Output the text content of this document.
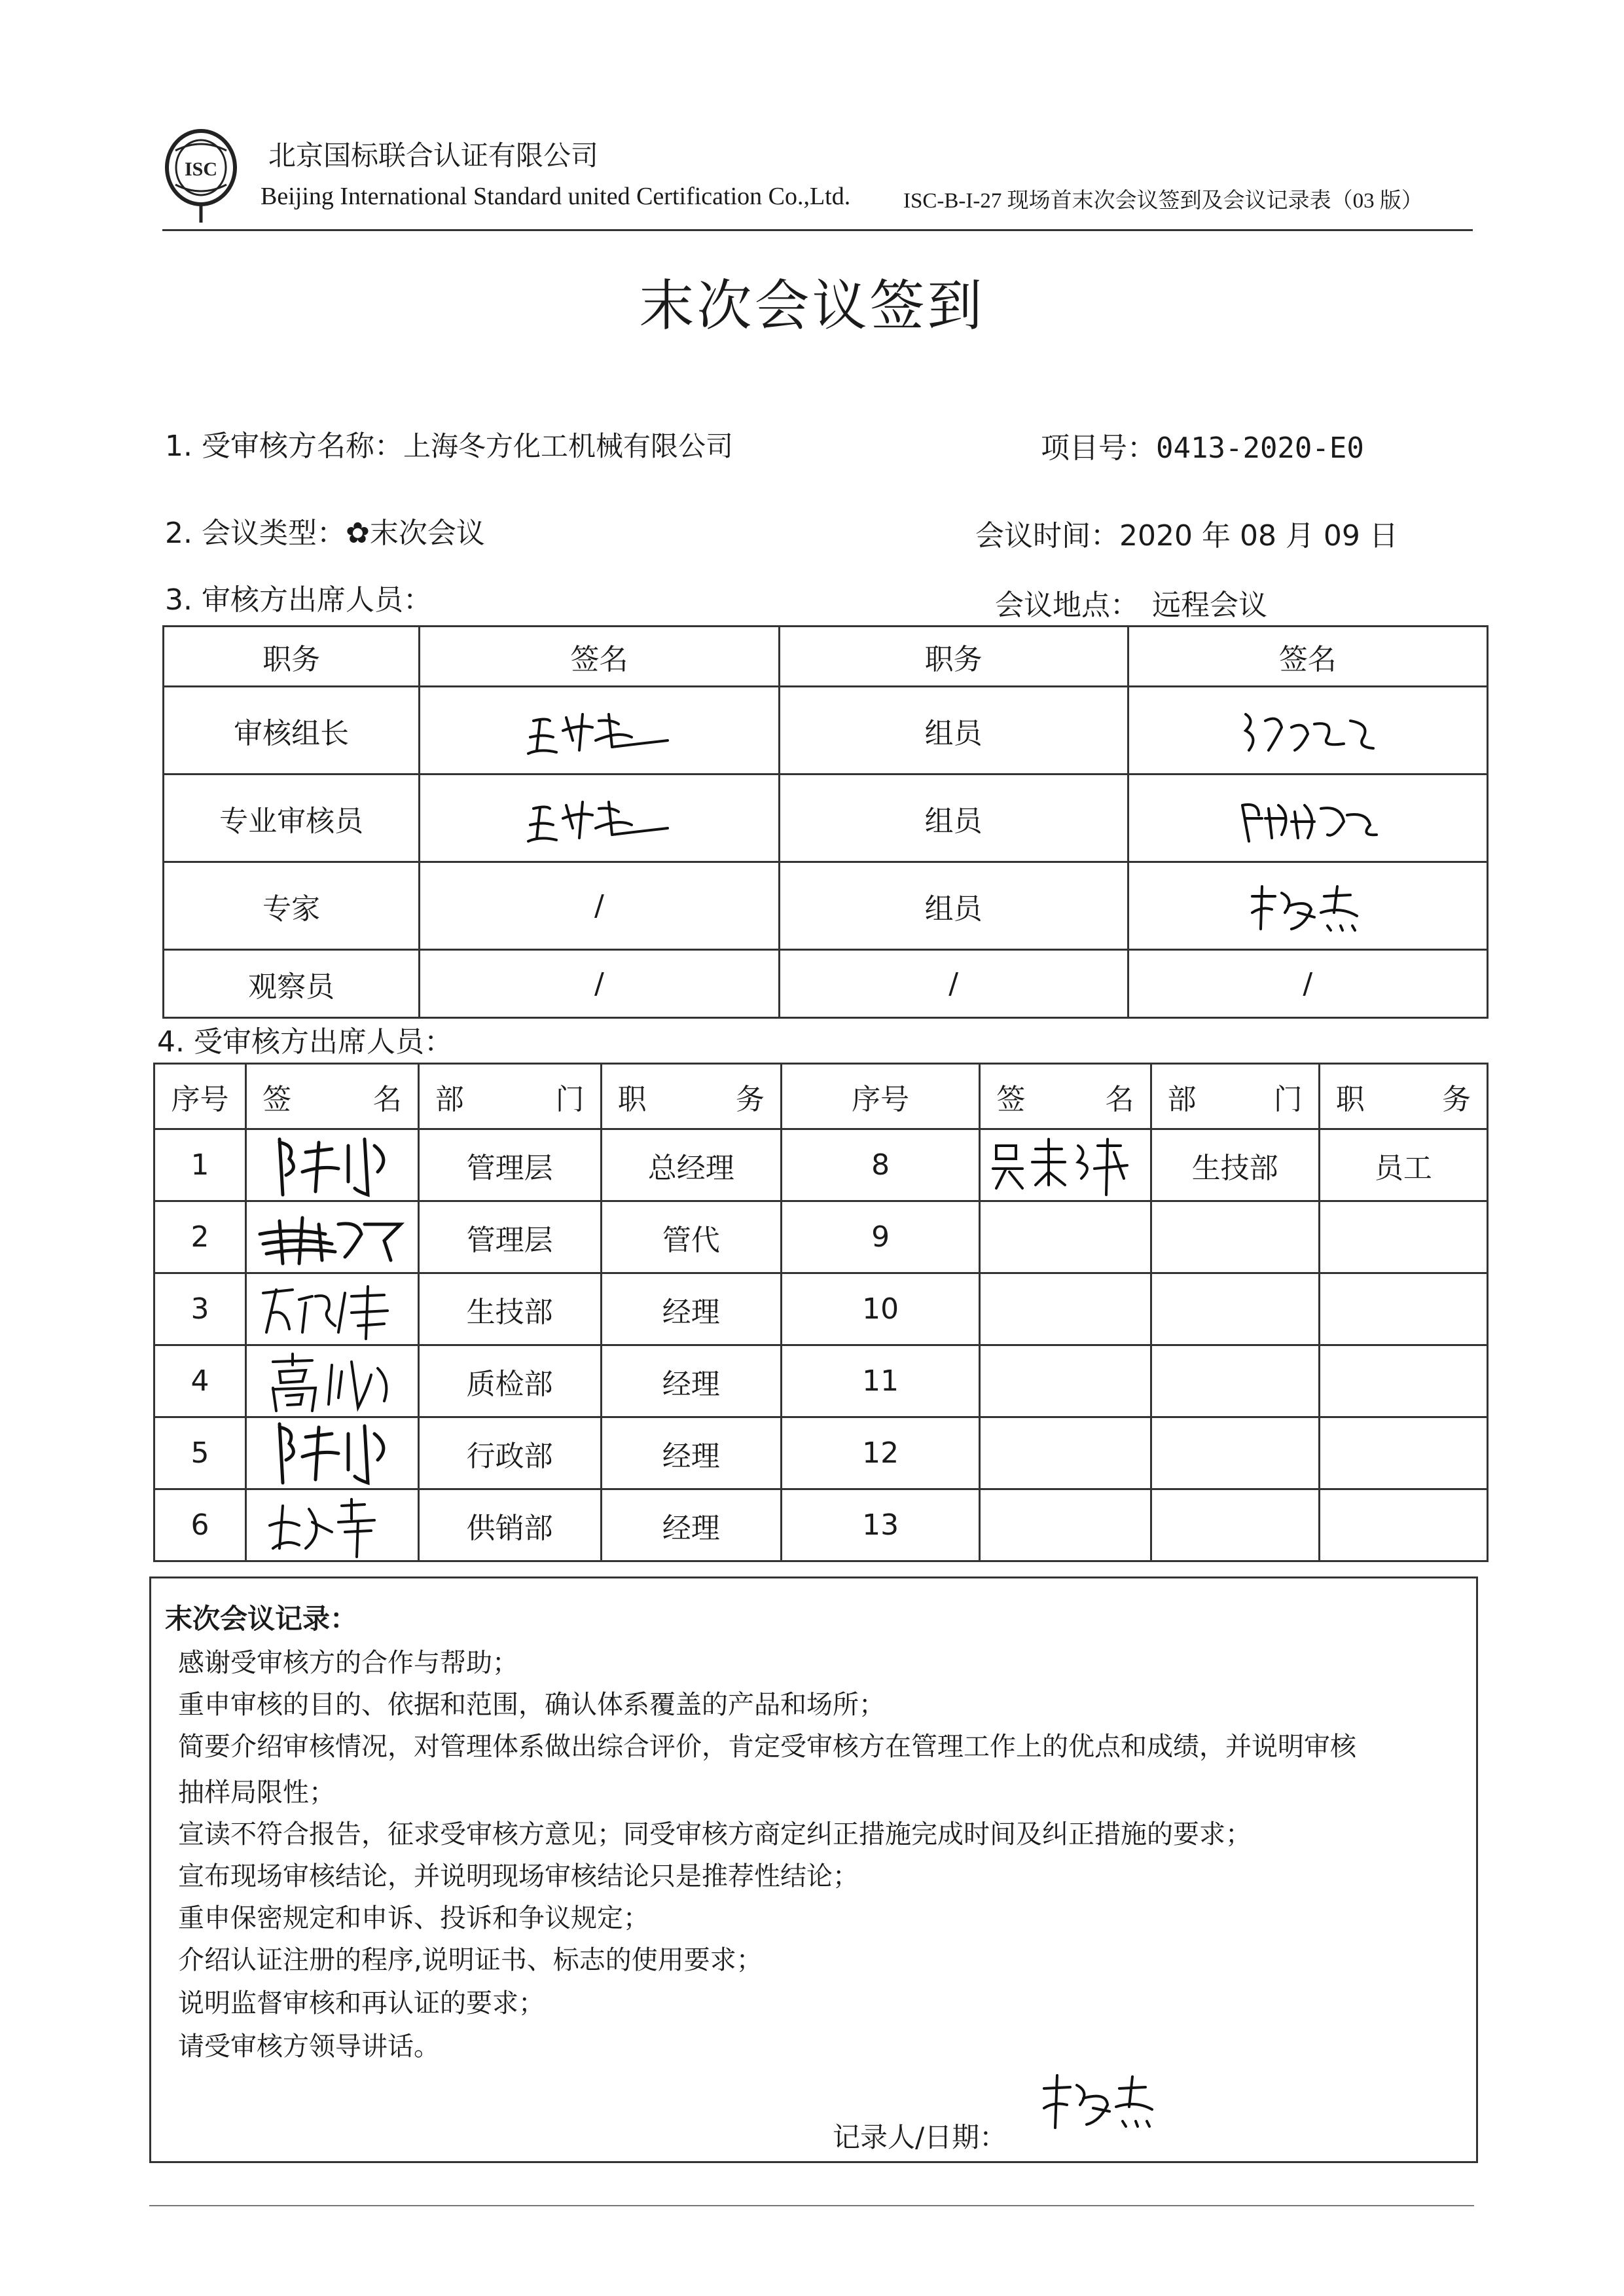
ISC 北京国标联合认证有限公司
Beijing International Standard united Certification Co.,Ltd. ISC-B-I-27 现场首末次会议签到及会议记录表（03 版）
末次会议签到
1. 受审核方名称：上海冬方化工机械有限公司	项目号：0413-2020-E0
2. 会议类型：✿末次会议	会议时间：2020 年 08 月 09 日
3. 审核方出席人员：	会议地点： 远程会议
职务	签名	职务	签名
审核组长		组员	

专业审核员		组员	

专家	/	组员	

观察员	/	/	/
4. 受审核方出席人员：
序号	签 名	部 门	职 务	序号	签 名	部 门	职 务

1		管理层	总经理	8		生技部	员工
2		管理层	管代	9			
3		生技部	经理	10			
4		质检部	经理	11			
5		行政部	经理	12			
6		供销部	经理	13			
末次会议记录：
感谢受审核方的合作与帮助；
重申审核的目的、依据和范围，确认体系覆盖的产品和场所；
简要介绍审核情况，对管理体系做出综合评价，肯定受审核方在管理工作上的优点和成绩，并说明审核
抽样局限性；
宣读不符合报告，征求受审核方意见；同受审核方商定纠正措施完成时间及纠正措施的要求；
宣布现场审核结论，并说明现场审核结论只是推荐性结论；
重申保密规定和申诉、投诉和争议规定；
介绍认证注册的程序,说明证书、标志的使用要求；
说明监督审核和再认证的要求；
请受审核方领导讲话。
记录人/日期：
